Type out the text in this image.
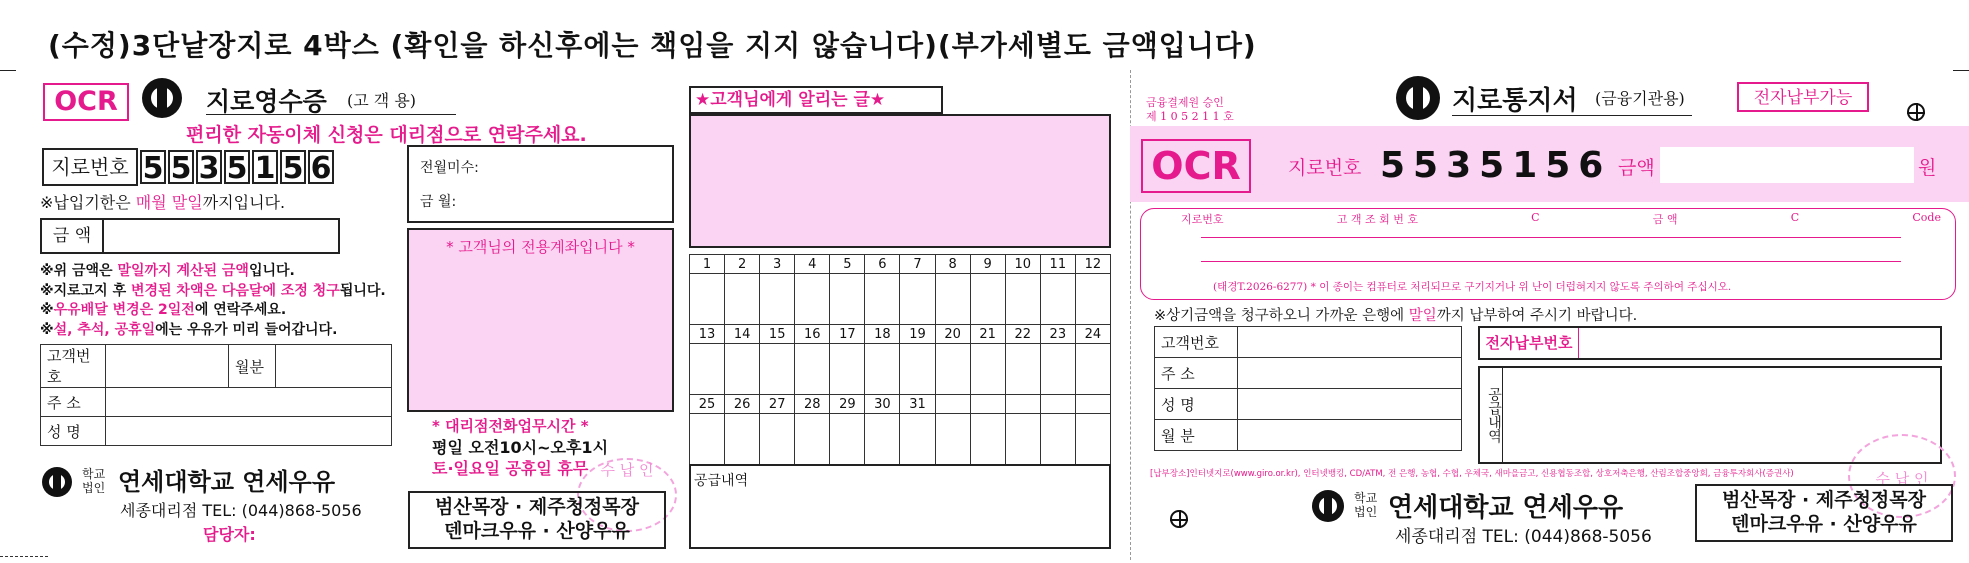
(수정)3단낱장지로 4박스 (확인을 하신후에는 책임을 지지 않습니다)(부가세별도 금액입니다)
OCR	지로영수증 (고 객 용)
편리한 자동이체 신청은 대리점으로 연락주세요.
지로번호 5 5 3 5 1 5 6
※납입기한은 매월 말일까지입니다.
금 액
※위 금액은 말일까지 계산된 금액입니다.
※지로고지 후 변경된 차액은 다음달에 조정 청구됩니다.
※우유배달 변경은 2일전에 연락주세요.
※설, 추석, 공휴일에는 우유가 미리 들어갑니다.
고객번호		월분	
주 소			
성 명			
학교
법인 연세대학교 연세우유
세종대리점 TEL: (044)868-5056
담당자:
전월미수:
금 월:
* 고객님의 전용계좌입니다 *
* 대리점전화업무시간 *
평일 오전10시~오후1시
토·일요일 공휴일 휴무 수 납 인
범산목장 · 제주청정목장
덴마크우유 · 산양우유
★고객님에게 알리는 글★
1	2	3	4	5	6	7	8	9	10	11	12

13	14	15	16	17	18	19	20	21	22	23	24

25	26	27	28	29	30	31					

공급내역
금융결제원 승인
제 1 0 5 2 1 1 호
지로통지서 (금융기관용)	전자납부가능
OCR	지로번호 5535156 금액	원
지로번호	고 객 조 회 번 호	C	금 액	C	Code
(태경T.2026-6277) * 이 종이는 컴퓨터로 처리되므로 구기지거나 위 난이 더럽혀지지 않도록 주의하여 주십시오.
※상기금액을 청구하오니 가까운 은행에 말일까지 납부하여 주시기 바랍니다.
고객번호	
주 소	
성 명	
월 분	
전자납부번호
공급내역
[납부장소]인터넷지로(www.giro.or.kr), 인터넷뱅킹, CD/ATM, 전 은행, 농협, 수협, 우체국, 새마을금고, 신용협동조합, 상호저축은행, 산림조합중앙회, 금융투자회사(증권사)	수 납 인
학교
법인 연세대학교 연세우유
세종대리점 TEL: (044)868-5056
범산목장 · 제주청정목장
덴마크우유 · 산양우유
